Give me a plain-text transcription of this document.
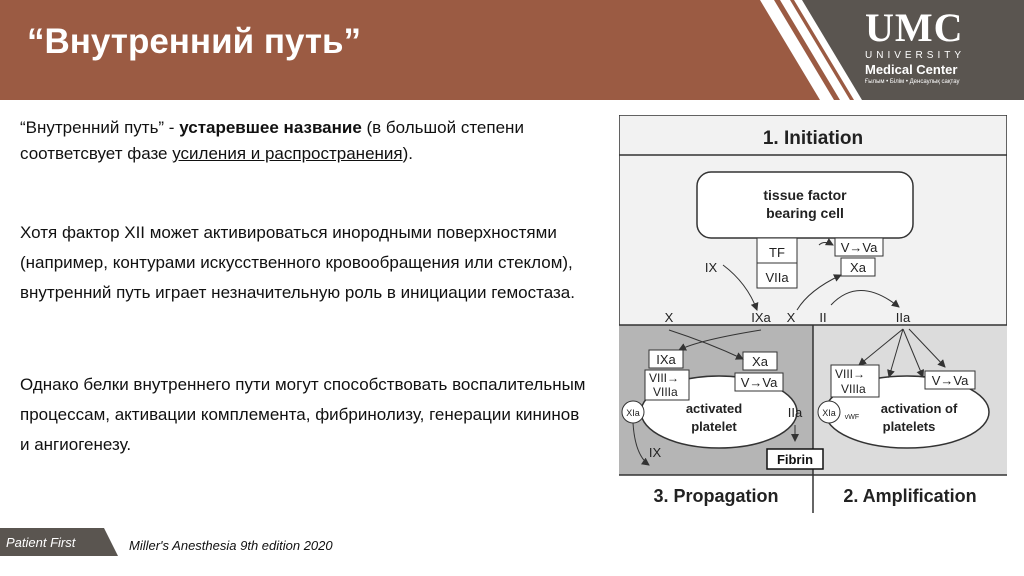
“Внутренний путь”	UMC
UNIVERSITY
Medical Center
Ғылым • Білім • Денсаулық сақтау
“Внутренний путь” - устаревшее название (в большой степени соответсвует фазе усиления и распространения).
Хотя фактор XII может активироваться инородными поверхностями (например, контурами искусственного кровообращения или стеклом), внутренний путь играет незначительную роль в инициации гемостаза.
Однако белки внутреннего пути могут способствовать воспалительным процессам, активации комплемента, фибринолизу, генерации кининов и ангиогенезу.
1. Initiation
tissue factor
bearing cell
TF
VIIa
V→Va
Xa
IX
IXa X II	IIa
X
IXa	Xa
VIII→
VIIIa
V→Va
XIa	activated
platelet
IIa
IX	Fibrin
VIII→
VIIIa
V→Va
XIa vWF
activation of
platelets
3. Propagation	2. Amplification
Patient First	Miller's Anesthesia 9th edition 2020
